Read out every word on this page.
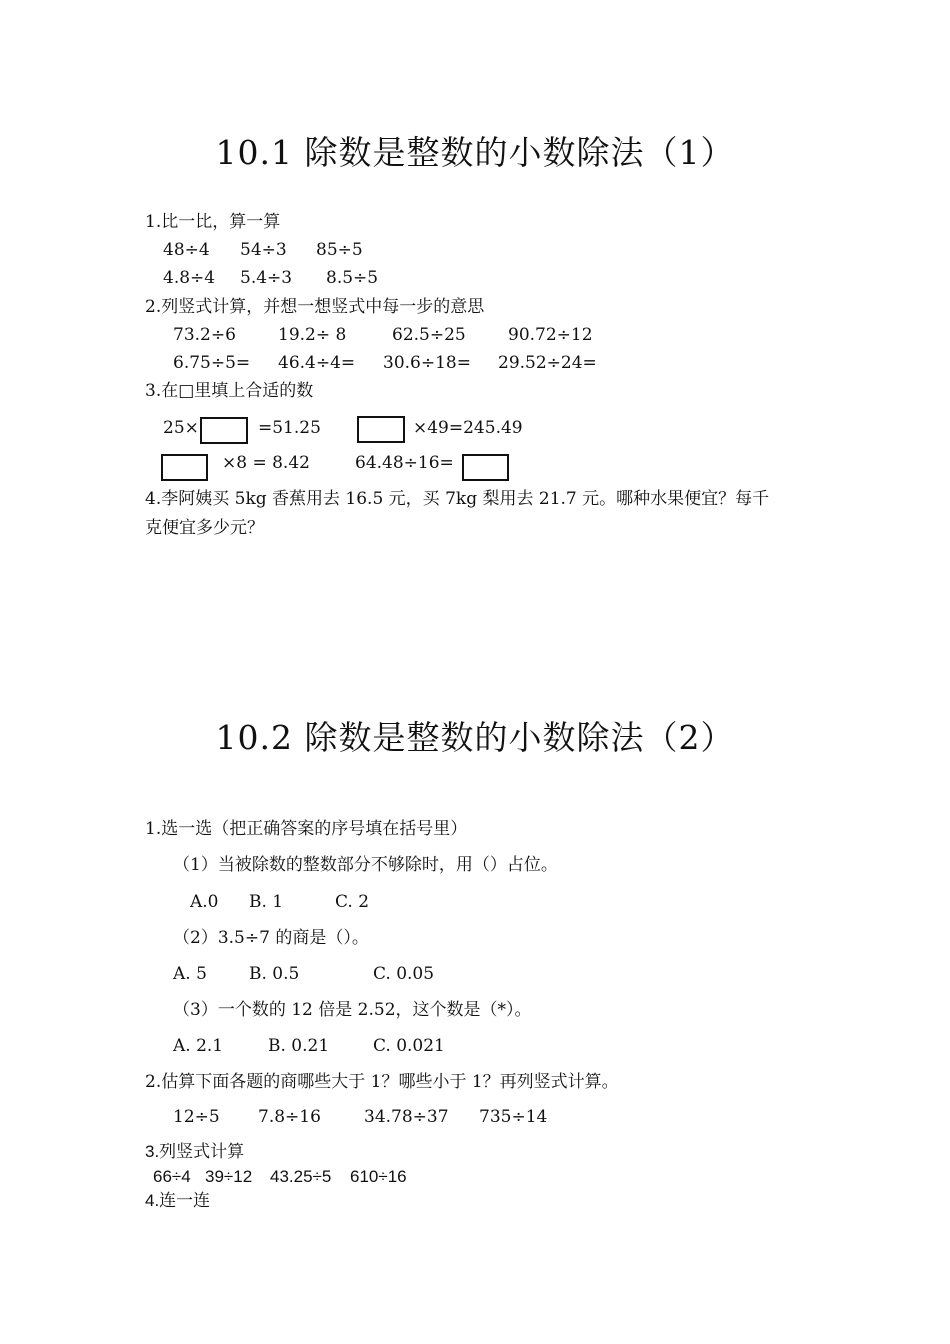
10.1 除数是整数的小数除法（1）
1.比一比，算一算
48÷4 54÷3 85÷5
4.8÷4 5.4÷3 8.5÷5
2.列竖式计算，并想一想竖式中每一步的意思
73.2÷6 19.2÷ 8	62.5÷25 90.72÷12
6.75÷5= 46.4÷4= 30.6÷18= 29.52÷24=
3.在□里填上合适的数
25×	=51.25	×49=245.49
×8 = 8.42	64.48÷16=
4.李阿姨买 5kg 香蕉用去 16.5 元，买 7kg 梨用去 21.7 元。哪种水果便宜？每千
克便宜多少元？
10.2 除数是整数的小数除法（2）
1.选一选（把正确答案的序号填在括号里）
（1）当被除数的整数部分不够除时，用（）占位。
A.0 B. 1	C. 2
（2）3.5÷7 的商是（）。
A. 5 B. 0.5	C. 0.05
（3）一个数的 12 倍是 2.52，这个数是（*）。
A. 2.1	B. 0.21	C. 0.021
2.估算下面各题的商哪些大于 1？哪些小于 1？再列竖式计算。
12÷5 7.8÷16	34.78÷37 735÷14
3.列竖式计算
66÷4 39÷12 43.25÷5 610÷16
4.连一连
